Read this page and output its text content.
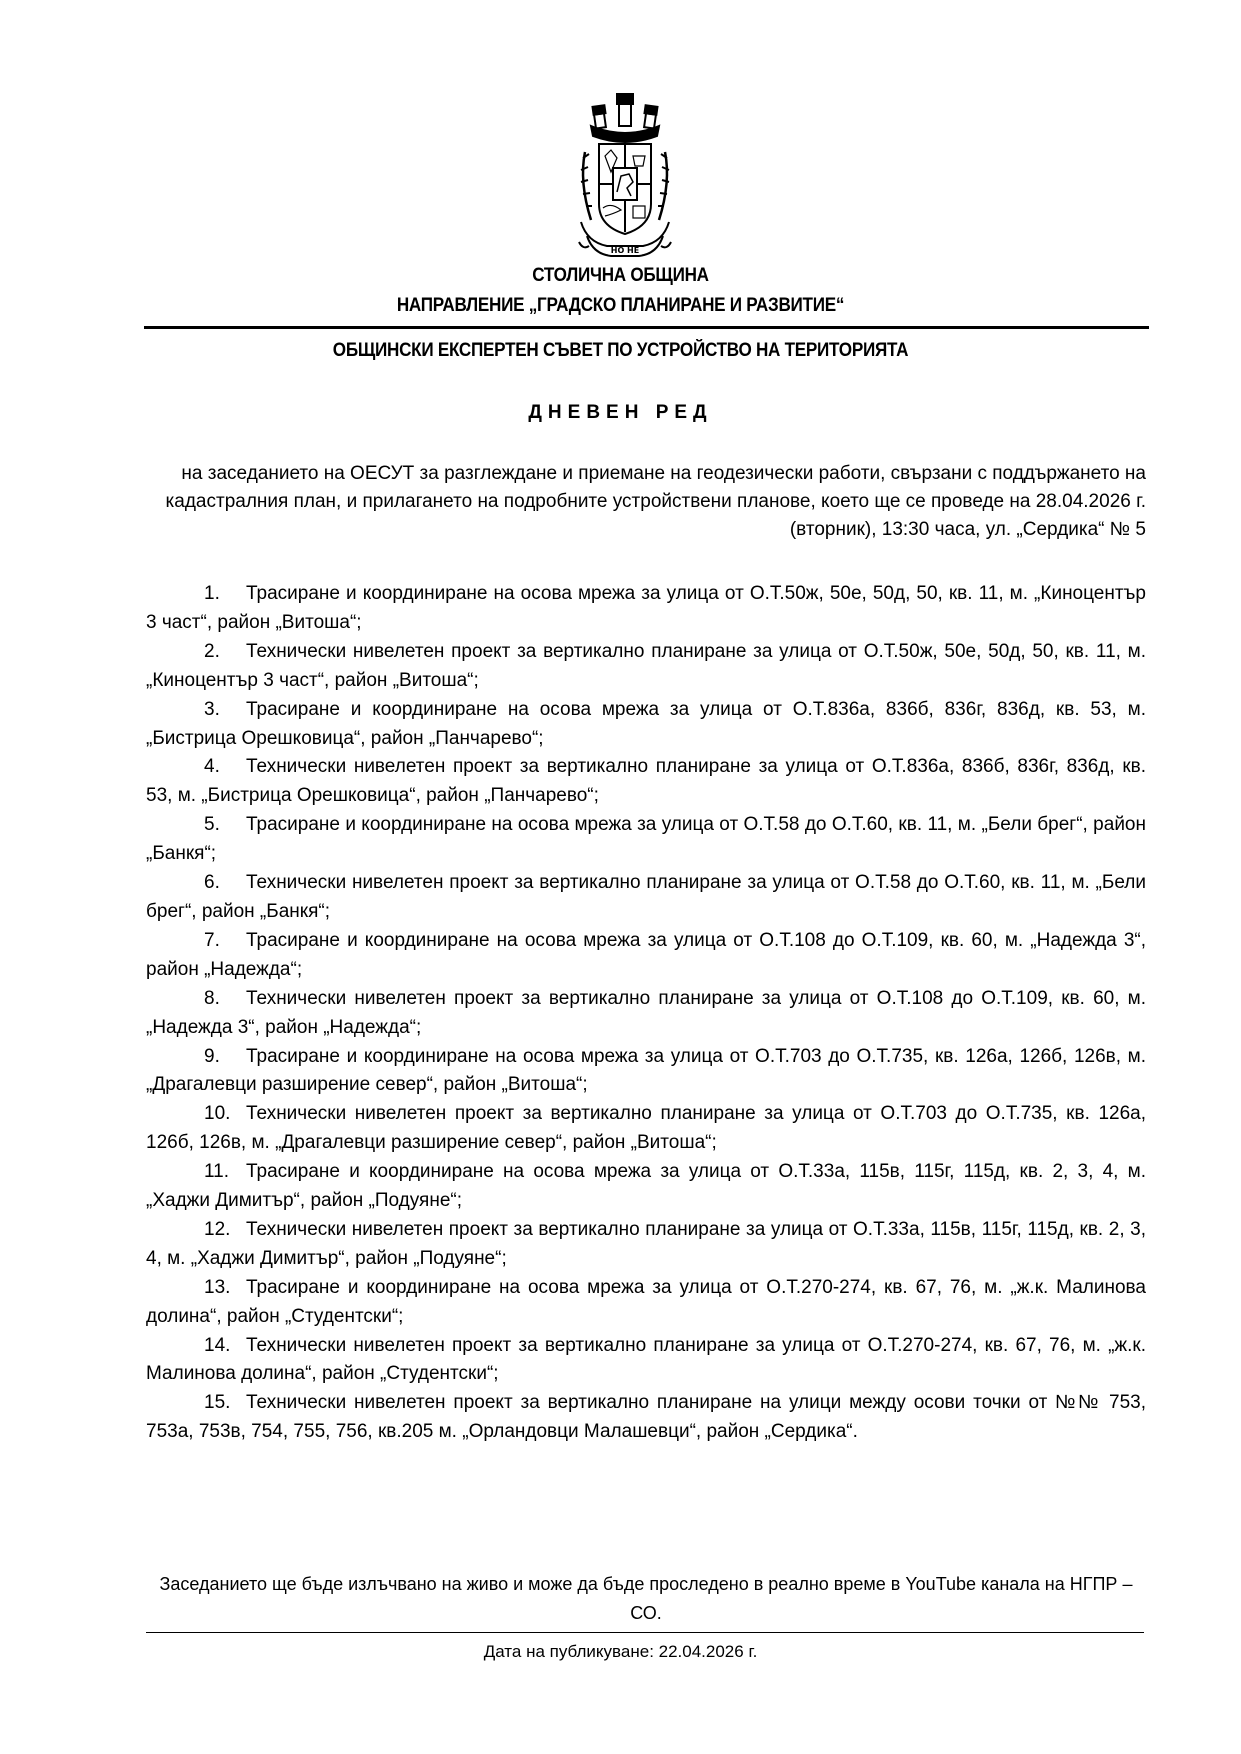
НО НЕ
СТОЛИЧНА ОБЩИНА
НАПРАВЛЕНИЕ „ГРАДСКО ПЛАНИРАНЕ И РАЗВИТИЕ“
ОБЩИНСКИ ЕКСПЕРТЕН СЪВЕТ ПО УСТРОЙСТВО НА ТЕРИТОРИЯТА
ДНЕВЕН РЕД
на заседанието на ОЕСУТ за разглеждане и приемане на геодезически работи, свързани с поддържането на кадастралния план, и прилагането на подробните устройствени планове, което ще се проведе на 28.04.2026 г. (вторник), 13:30 часа, ул. „Сердика“ № 5
1. Трасиране и координиране на осова мрежа за улица от О.Т.50ж, 50е, 50д, 50, кв. 11, м. „Киноцентър 3 част“, район „Витоша“;
2. Технически нивелетен проект за вертикално планиране за улица от О.Т.50ж, 50е, 50д, 50, кв. 11, м. „Киноцентър 3 част“, район „Витоша“;
3. Трасиране и координиране на осова мрежа за улица от О.Т.836а, 836б, 836г, 836д, кв. 53, м. „Бистрица Орешковица“, район „Панчарево“;
4. Технически нивелетен проект за вертикално планиране за улица от О.Т.836а, 836б, 836г, 836д, кв. 53, м. „Бистрица Орешковица“, район „Панчарево“;
5. Трасиране и координиране на осова мрежа за улица от О.Т.58 до О.Т.60, кв. 11, м. „Бели брег“, район „Банкя“;
6. Технически нивелетен проект за вертикално планиране за улица от О.Т.58 до О.Т.60, кв. 11, м. „Бели брег“, район „Банкя“;
7. Трасиране и координиране на осова мрежа за улица от О.Т.108 до О.Т.109, кв. 60, м. „Надежда 3“, район „Надежда“;
8. Технически нивелетен проект за вертикално планиране за улица от О.Т.108 до О.Т.109, кв. 60, м. „Надежда 3“, район „Надежда“;
9. Трасиране и координиране на осова мрежа за улица от О.Т.703 до О.Т.735, кв. 126а, 126б, 126в, м. „Драгалевци разширение север“, район „Витоша“;
10. Технически нивелетен проект за вертикално планиране за улица от О.Т.703 до О.Т.735, кв. 126а, 126б, 126в, м. „Драгалевци разширение север“, район „Витоша“;
11. Трасиране и координиране на осова мрежа за улица от О.Т.33а, 115в, 115г, 115д, кв. 2, 3, 4, м. „Хаджи Димитър“, район „Подуяне“;
12. Технически нивелетен проект за вертикално планиране за улица от О.Т.33а, 115в, 115г, 115д, кв. 2, 3, 4, м. „Хаджи Димитър“, район „Подуяне“;
13. Трасиране и координиране на осова мрежа за улица от О.Т.270-274, кв. 67, 76, м. „ж.к. Малинова долина“, район „Студентски“;
14. Технически нивелетен проект за вертикално планиране за улица от О.Т.270-274, кв. 67, 76, м. „ж.к. Малинова долина“, район „Студентски“;
15. Технически нивелетен проект за вертикално планиране на улици между осови точки от №№ 753, 753а, 753в, 754, 755, 756, кв.205 м. „Орландовци Малашевци“, район „Сердика“.
Заседанието ще бъде излъчвано на живо и може да бъде проследено в реално време в YouTube канала на НГПР – СО.
Дата на публикуване: 22.04.2026 г.
